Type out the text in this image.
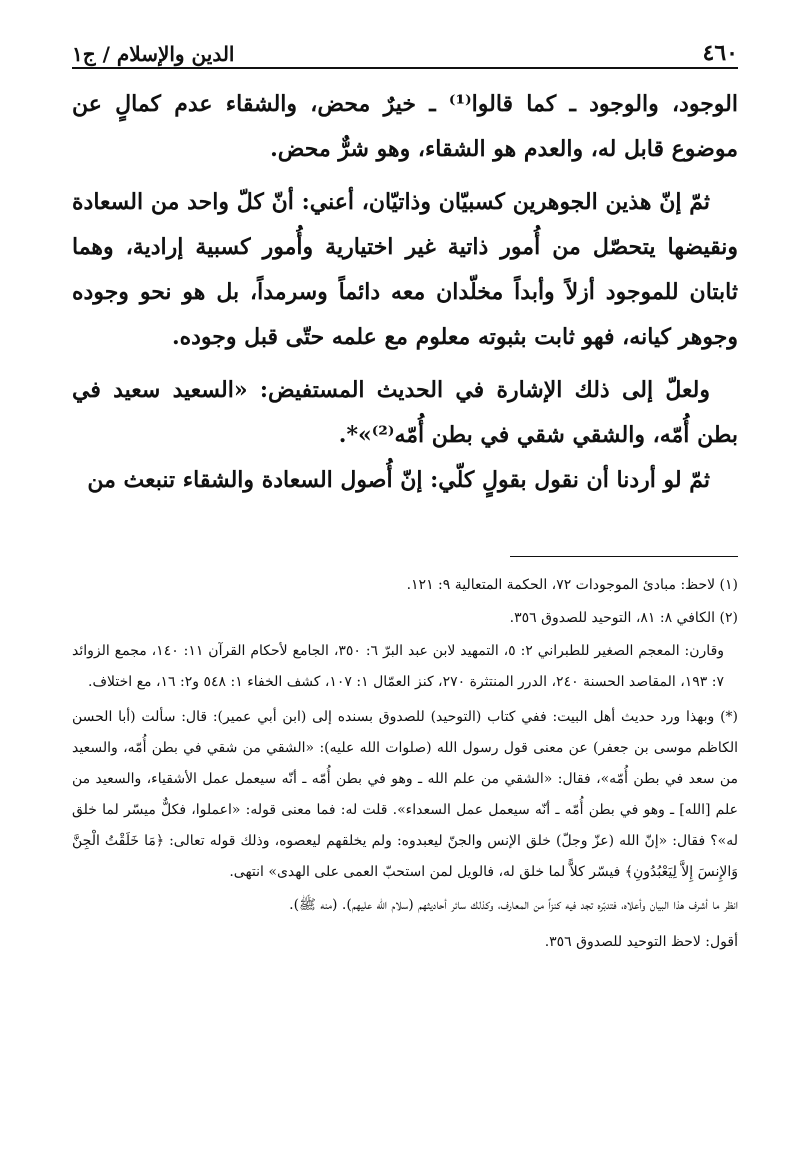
٤٦٠
الدين والإسلام / ج١

الوجود، والوجود ـ كما قالوا⁽¹⁾ ـ خيرٌ محض، والشقاء عدم كمالٍ عن موضوع قابل له، والعدم هو الشقاء، وهو شرٌّ محض.

ثمّ إنّ هذين الجوهرين كسبيّان وذاتيّان، أعني: أنّ كلّ واحد من السعادة ونقيضها يتحصّل من أُمور ذاتية غير اختيارية وأُمور كسبية إرادية، وهما ثابتان للموجود أزلاً وأبداً مخلّدان معه دائماً وسرمداً، بل هو نحو وجوده وجوهر كيانه، فهو ثابت بثبوته معلوم مع علمه حتّى قبل وجوده.

ولعلّ إلى ذلك الإشارة في الحديث المستفيض: «السعيد سعيد في بطن أُمّه، والشقي شقي في بطن أُمّه⁽²⁾»*.

ثمّ لو أردنا أن نقول بقولٍ كلّي: إنّ أُصول السعادة والشقاء تنبعث من

(١) لاحظ: مبادئ الموجودات ٧٢، الحكمة المتعالية ٩: ١٢١.

(٢) الكافي ٨: ٨١، التوحيد للصدوق ٣٥٦.

وقارن: المعجم الصغير للطبراني ٢: ٥، التمهيد لابن عبد البرّ ٦: ٣٥٠، الجامع لأحكام القرآن ١١: ١٤٠، مجمع الزوائد ٧: ١٩٣، المقاصد الحسنة ٢٤٠، الدرر المنتثرة ٢٧٠، كنز العمّال ١: ١٠٧، كشف الخفاء ١: ٥٤٨ و٢: ١٦، مع اختلاف.

(*) وبهذا ورد حديث أهل البيت: ففي كتاب (التوحيد) للصدوق بسنده إلى (ابن أبي عمير): قال: سألت (أبا الحسن الكاظم موسى بن جعفر) عن معنى قول رسول الله (صلوات الله عليه): «الشقي من شقي في بطن أُمّه، والسعيد من سعد في بطن أُمّه»، فقال: «الشقي من علم الله ـ وهو في بطن أُمّه ـ أنّه سيعمل عمل الأشقياء، والسعيد من علم [الله] ـ وهو في بطن أُمّه ـ أنّه سيعمل عمل السعداء». قلت له: فما معنى قوله: «اعملوا، فكلٌّ ميسّر لما خلق له»؟ فقال: «إنّ الله (عزّ وجلّ) خلق الإنس والجنّ ليعبدوه: ولم يخلقهم ليعصوه، وذلك قوله تعالى: ﴿مَا خَلَقْتُ الْجِنَّ وَالإِنسَ إِلاَّ لِيَعْبُدُونِ﴾ فيسّر كلاًّ لما خلق له، فالويل لمن استحبّ العمى على الهدى» انتهى.

انظر ما أشرف هذا البيان وأعلاه، فتدبّره تجد فيه كنزاً من المعارف، وكذلك سائر أحاديثهم (سلام الله عليهم). (منه ﷺ).

أقول: لاحظ التوحيد للصدوق ٣٥٦.
